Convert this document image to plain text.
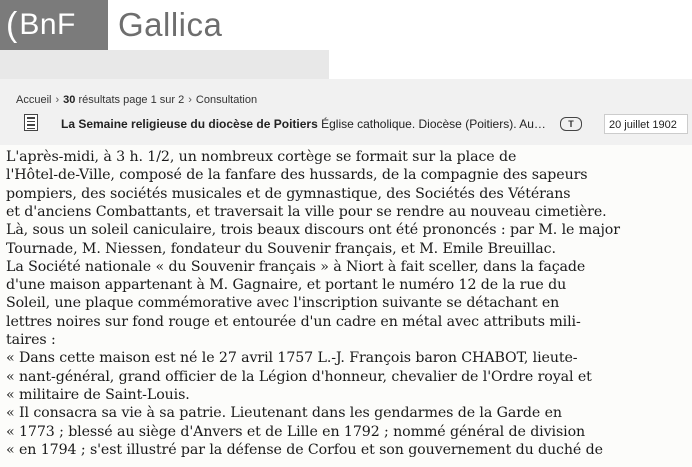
( BnF Gallica
Accueil › 30 résultats page 1 sur 2 › Consultation
La Semaine religieuse du diocèse de Poitiers Église catholique. Diocèse (Poitiers). Aut...	T	20 juillet 1902
L'après-midi, à 3 h. 1/2, un nombreux cortège se formait sur la place de
l'Hôtel-de-Ville, composé de la fanfare des hussards, de la compagnie des sapeurs
pompiers, des sociétés musicales et de gymnastique, des Sociétés des Vétérans
et d'anciens Combattants, et traversait la ville pour se rendre au nouveau cimetière.
Là, sous un soleil caniculaire, trois beaux discours ont été prononcés : par M. le major
Tournade, M. Niessen, fondateur du Souvenir français, et M. Emile Breuillac.
La Société nationale « du Souvenir français » à Niort à fait sceller, dans la façade
d'une maison appartenant à M. Gagnaire, et portant le numéro 12 de la rue du
Soleil, une plaque commémorative avec l'inscription suivante se détachant en
lettres noires sur fond rouge et entourée d'un cadre en métal avec attributs mili-
taires :
« Dans cette maison est né le 27 avril 1757 L.-J. François baron CHABOT, lieute-
« nant-général, grand officier de la Légion d'honneur, chevalier de l'Ordre royal et
« militaire de Saint-Louis.
« Il consacra sa vie à sa patrie. Lieutenant dans les gendarmes de la Garde en
« 1773 ; blessé au siège d'Anvers et de Lille en 1792 ; nommé général de division
« en 1794 ; s'est illustré par la défense de Corfou et son gouvernement du duché de
